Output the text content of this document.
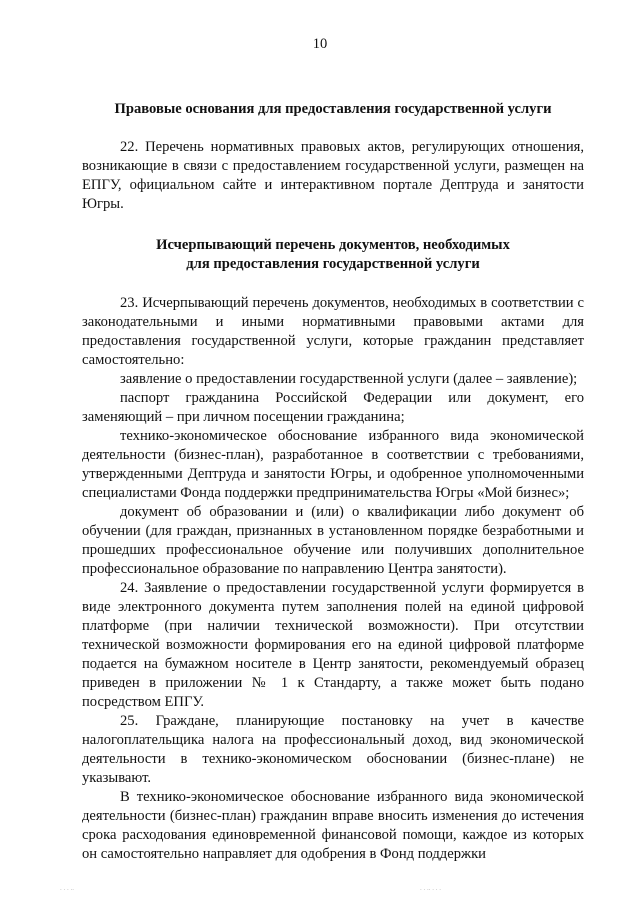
10

Правовые основания для предоставления государственной услуги

22. Перечень нормативных правовых актов, регулирующих отношения, возникающие в связи с предоставлением государственной услуги, размещен на ЕПГУ, официальном сайте и интерактивном портале Дептруда и занятости Югры.

Исчерпывающий перечень документов, необходимых

для предоставления государственной услуги

23. Исчерпывающий перечень документов, необходимых в соответствии с законодательными и иными нормативными правовыми актами для предоставления государственной услуги, которые гражданин представляет самостоятельно:

заявление о предоставлении государственной услуги (далее – заявление);

паспорт гражданина Российской Федерации или документ, его заменяющий – при личном посещении гражданина;

технико-экономическое обоснование избранного вида экономической деятельности (бизнес-план), разработанное в соответствии с требованиями, утвержденными Дептруда и занятости Югры, и одобренное уполномоченными специалистами Фонда поддержки предпринимательства Югры «Мой бизнес»;

документ об образовании и (или) о квалификации либо документ об обучении (для граждан, признанных в установленном порядке безработными и прошедших профессиональное обучение или получивших дополнительное профессиональное образование по направлению Центра занятости).

24. Заявление о предоставлении государственной услуги формируется в виде электронного документа путем заполнения полей на единой цифровой платформе (при наличии технической возможности). При отсутствии технической возможности формирования его на единой цифровой платформе подается на бумажном носителе в Центр занятости, рекомендуемый образец приведен в приложении № 1 к Стандарту, а также может быть подано посредством ЕПГУ.

25. Граждане, планирующие постановку на учет в качестве налогоплательщика налога на профессиональный доход, вид экономической деятельности в технико-экономическом обосновании (бизнес-плане) не указывают.

В технико-экономическое обоснование избранного вида экономической деятельности (бизнес-план) гражданин вправе вносить изменения до истечения срока расходования единовременной финансовой помощи, каждое из которых он самостоятельно направляет для одобрения в Фонд поддержки

. . . ..	. . .. . . .
